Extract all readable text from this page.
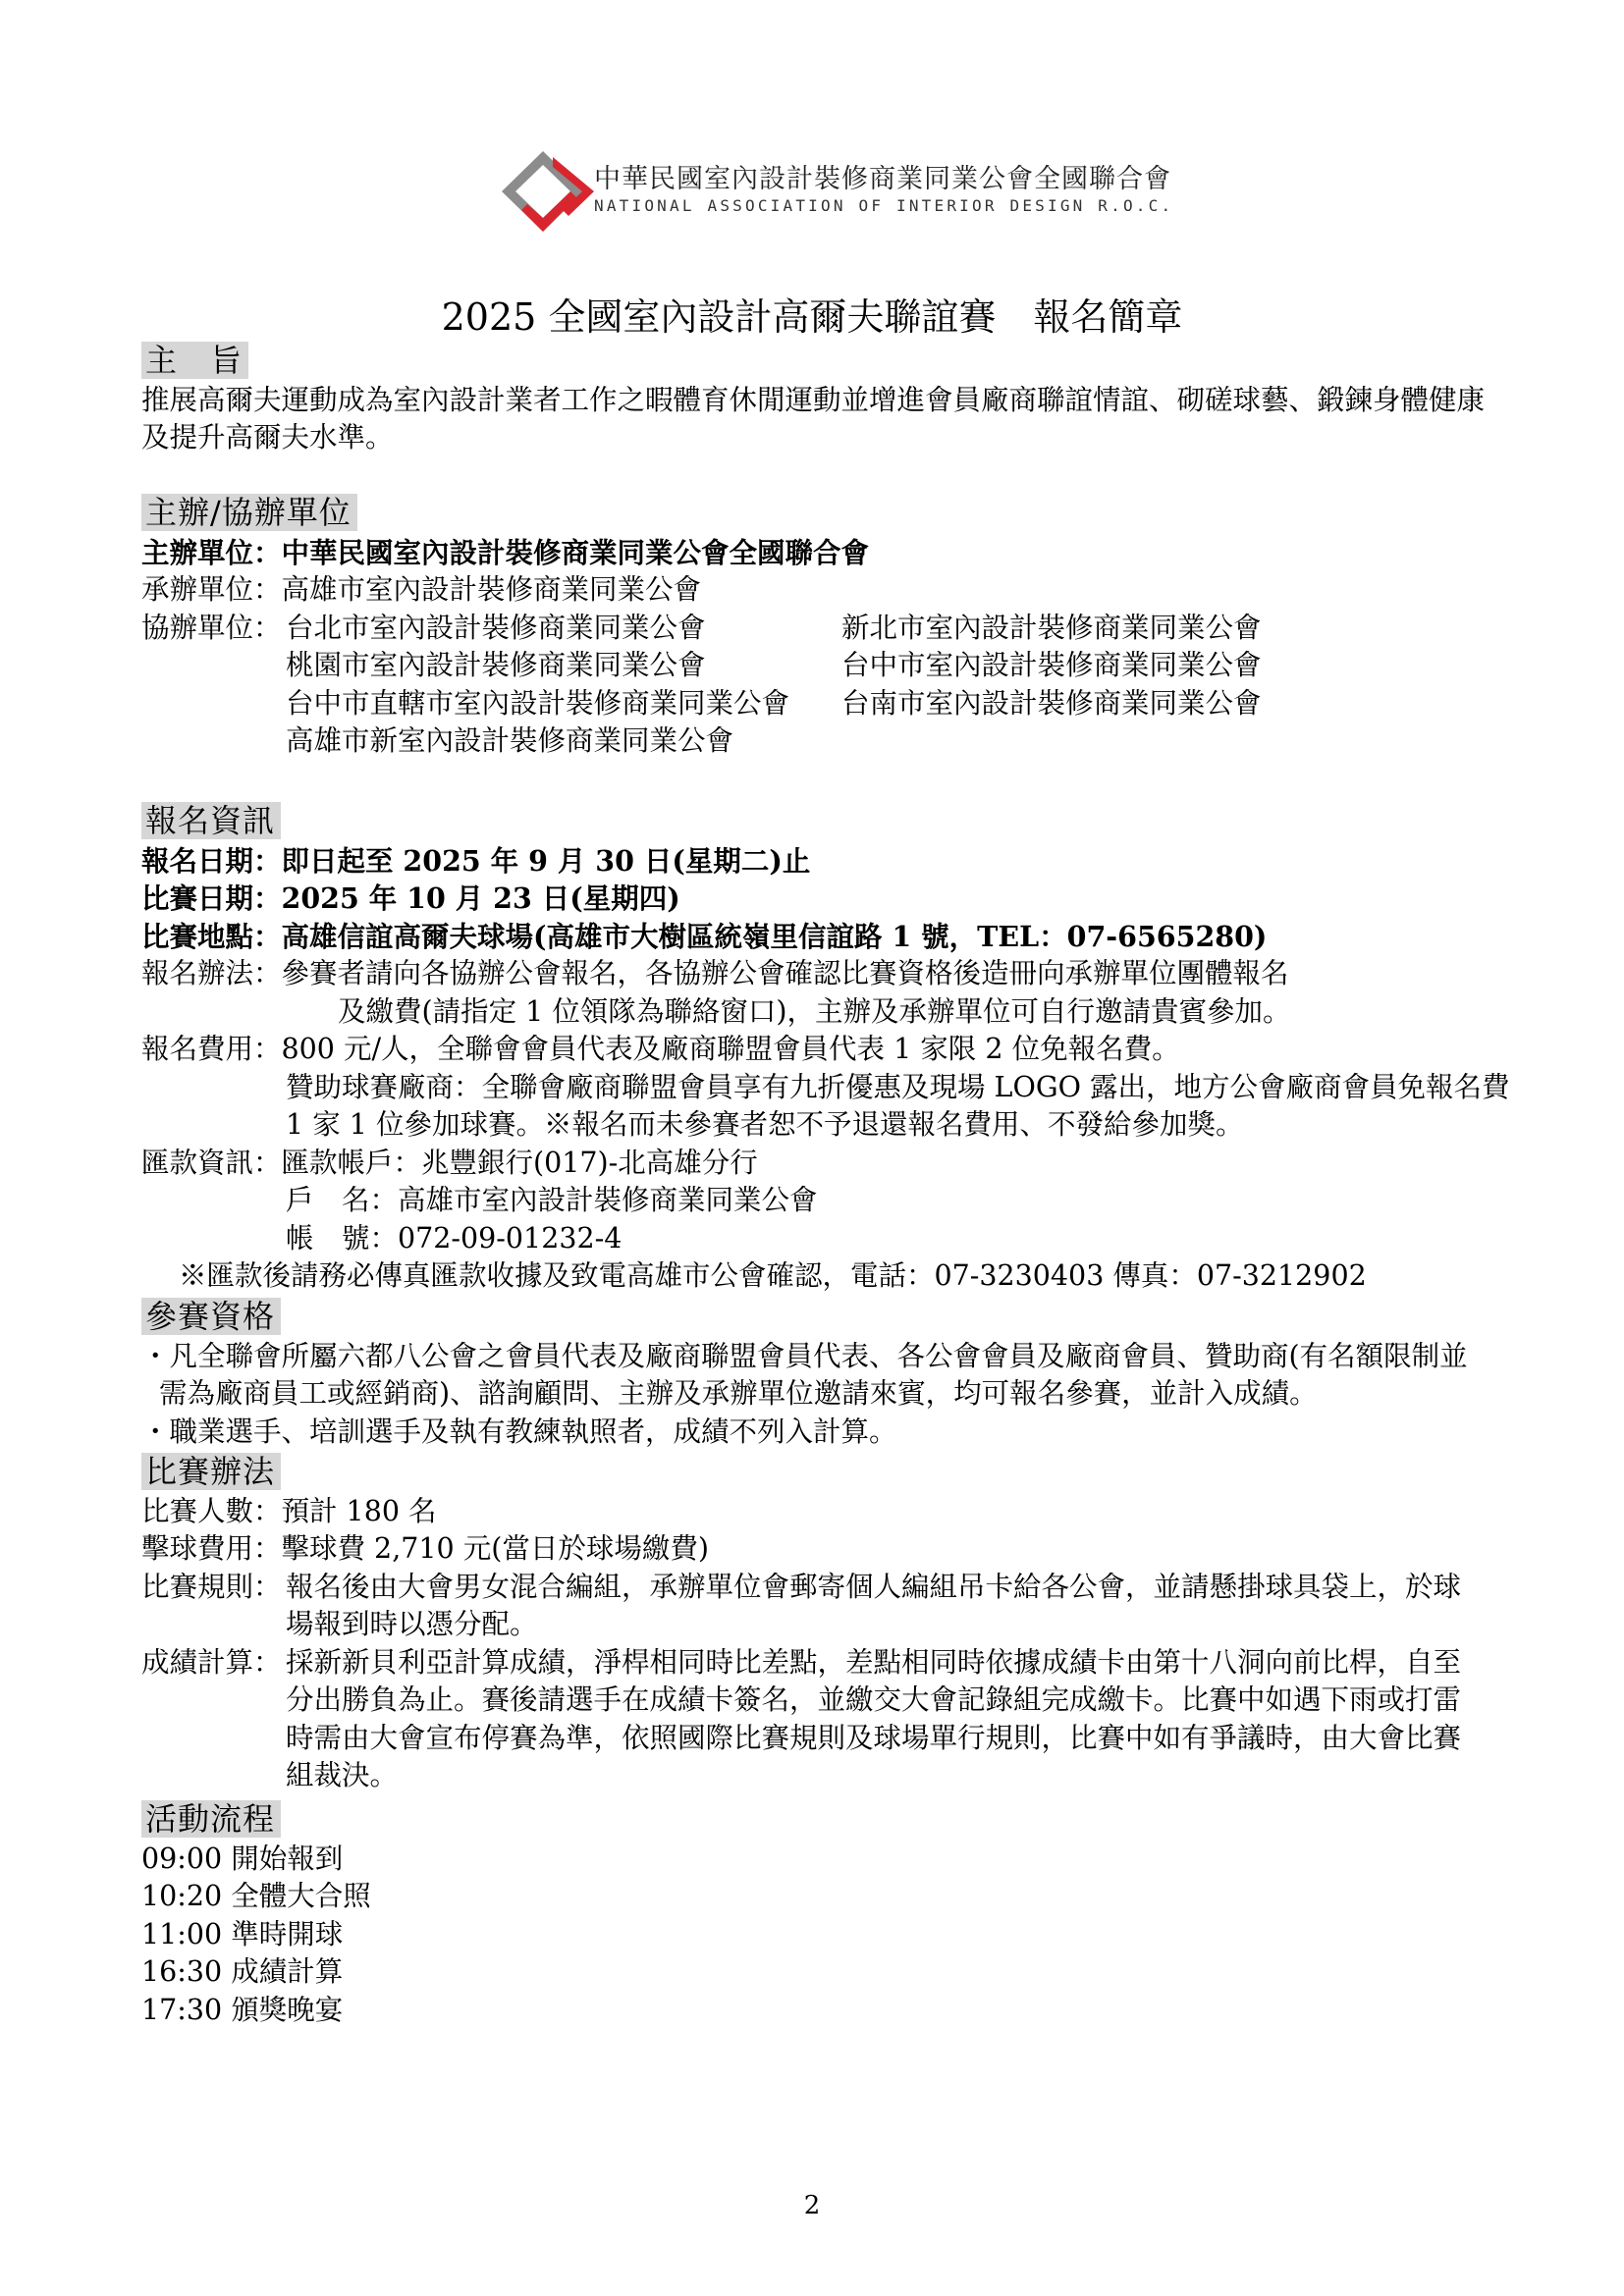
中華民國室內設計裝修商業同業公會全國聯合會
NATIONAL ASSOCIATION OF INTERIOR DESIGN R.O.C.
2025 全國室內設計高爾夫聯誼賽　報名簡章
主　旨
推展高爾夫運動成為室內設計業者工作之暇體育休閒運動並增進會員廠商聯誼情誼、砌磋球藝、鍛鍊身體健康及提升高爾夫水準。
主辦/協辦單位
主辦單位：中華民國室內設計裝修商業同業公會全國聯合會
承辦單位：高雄市室內設計裝修商業同業公會
協辦單位： 台北市室內設計裝修商業同業公會
桃園市室內設計裝修商業同業公會
台中市直轄市室內設計裝修商業同業公會
高雄市新室內設計裝修商業同業公會
新北市室內設計裝修商業同業公會
台中市室內設計裝修商業同業公會
台南市室內設計裝修商業同業公會
報名資訊
報名日期：即日起至 2025 年 9 月 30 日(星期二)止
比賽日期：2025 年 10 月 23 日(星期四)
比賽地點：高雄信誼高爾夫球場(高雄市大樹區統嶺里信誼路 1 號，TEL：07-6565280)
報名辦法：參賽者請向各協辦公會報名，各協辦公會確認比賽資格後造冊向承辦單位團體報名
及繳費(請指定 1 位領隊為聯絡窗口)，主辦及承辦單位可自行邀請貴賓參加。
報名費用：800 元/人，全聯會會員代表及廠商聯盟會員代表 1 家限 2 位免報名費。
贊助球賽廠商：全聯會廠商聯盟會員享有九折優惠及現場 LOGO 露出，地方公會廠商會員免報名費
1 家 1 位參加球賽。※報名而未參賽者恕不予退還報名費用、不發給參加獎。
匯款資訊：匯款帳戶：兆豐銀行(017)-北高雄分行
戶　名：高雄市室內設計裝修商業同業公會
帳　號：072-09-01232-4
※匯款後請務必傳真匯款收據及致電高雄市公會確認，電話：07-3230403 傳真：07-3212902
參賽資格
・凡全聯會所屬六都八公會之會員代表及廠商聯盟會員代表、各公會會員及廠商會員、贊助商(有名額限制並需為廠商員工或經銷商)、諮詢顧問、主辦及承辦單位邀請來賓，均可報名參賽，並計入成績。
・職業選手、培訓選手及執有教練執照者，成績不列入計算。
比賽辦法
比賽人數：預計 180 名
擊球費用：擊球費 2,710 元(當日於球場繳費)
比賽規則： 報名後由大會男女混合編組，承辦單位會郵寄個人編組吊卡給各公會，並請懸掛球具袋上，於球場報到時以憑分配。
成績計算： 採新新貝利亞計算成績，淨桿相同時比差點，差點相同時依據成績卡由第十八洞向前比桿，自至分出勝負為止。賽後請選手在成績卡簽名，並繳交大會記錄組完成繳卡。比賽中如遇下雨或打雷時需由大會宣布停賽為準，依照國際比賽規則及球場單行規則，比賽中如有爭議時，由大會比賽組裁決。
活動流程
09:00 開始報到
10:20 全體大合照
11:00 準時開球
16:30 成績計算
17:30 頒獎晚宴
2
